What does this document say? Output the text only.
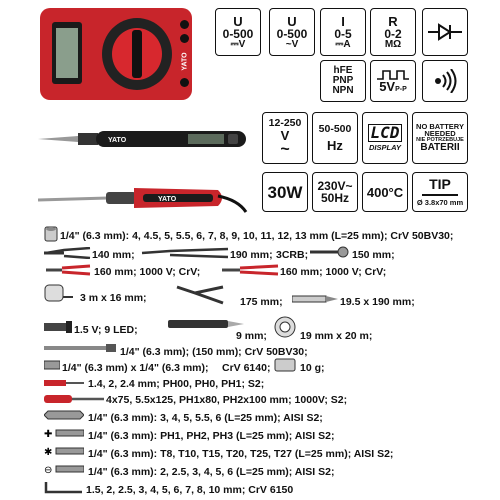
YATO
U
0-500
⎓V
U
0-500
~V
I
0-5
⎓A
R
0-2
MΩ
hFE
PNP
NPN 5VP-P
YATO
12-250
V
~
50-500
Hz
LCD
DISPLAY
NO BATTERY
NEEDED
NIE POTRZEBUJE
BATERII
YATO	30W 230V~
50Hz 400°C TIP
Ø 3.8x70 mm
1/4" (6.3 mm): 4, 4.5, 5, 5.5, 6, 7, 8, 9, 10, 11, 12, 13 mm (L=25 mm); CrV 50BV30;
140 mm;	190 mm; 3CRB;	150 mm;
160 mm; 1000 V; CrV;	160 mm; 1000 V; CrV;
3 m x 16 mm;	175 mm;	19.5 x 190 mm;
1.5 V; 9 LED;	9 mm;	19 mm x 20 m;
1/4" (6.3 mm); (150 mm); CrV 50BV30;
1/4" (6.3 mm) x 1/4" (6.3 mm); CrV 6140;	10 g;
1.4, 2, 2.4 mm; PH00, PH0, PH1; S2;
4x75, 5.5x125, PH1x80, PH2x100 mm; 1000V; S2;
1/4" (6.3 mm): 3, 4, 5, 5.5, 6 (L=25 mm); AISI S2;
✚	1/4" (6.3 mm): PH1, PH2, PH3 (L=25 mm); AISI S2;
✱	1/4" (6.3 mm): T8, T10, T15, T20, T25, T27 (L=25 mm); AISI S2;
⊖	1/4" (6.3 mm): 2, 2.5, 3, 4, 5, 6 (L=25 mm); AISI S2;
1.5, 2, 2.5, 3, 4, 5, 6, 7, 8, 10 mm; CrV 6150
